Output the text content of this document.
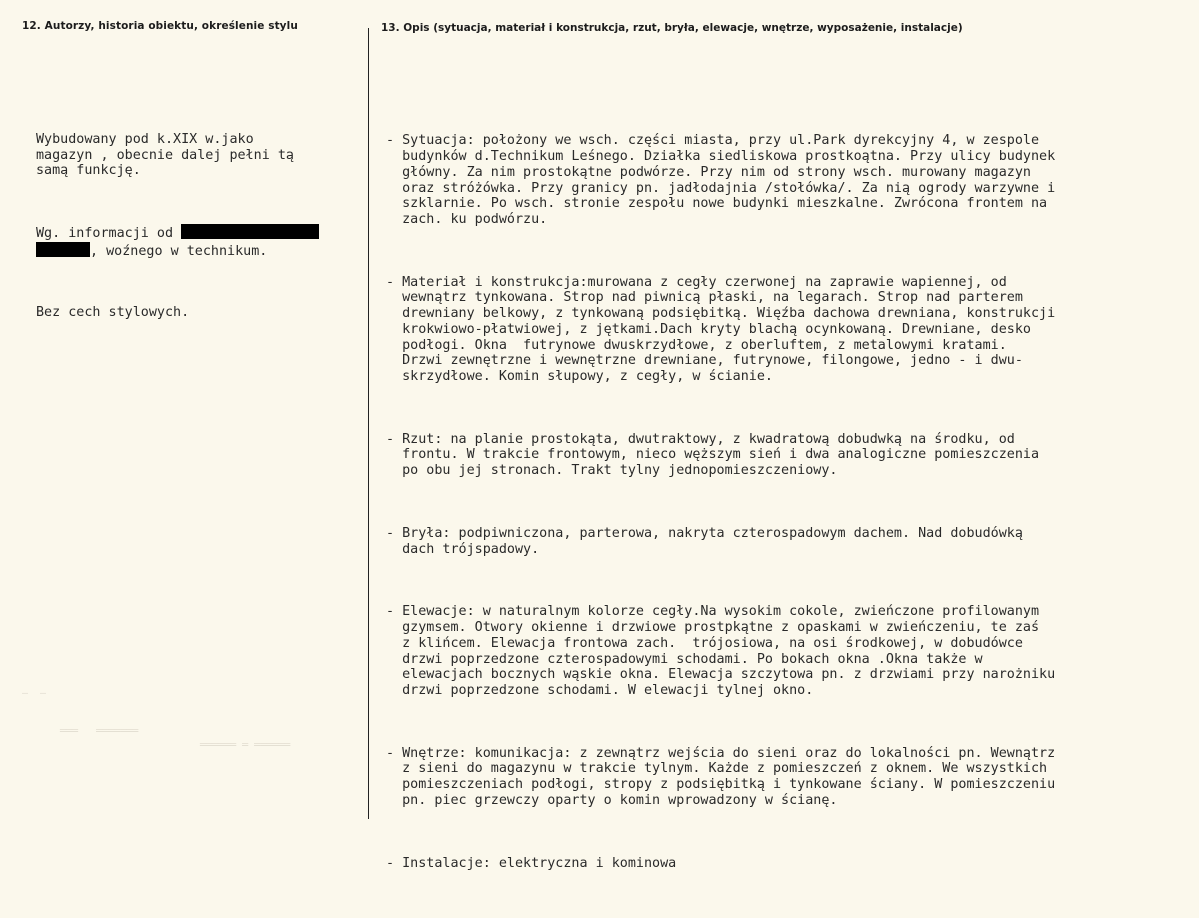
12. Autorzy, historia obiektu, określenie stylu	13. Opis (sytuacja, materiał i konstrukcja, rzut, bryła, elewacje, wnętrze, wyposażenie, instalacje)

Wybudowany pod k.XIX w.jako
magazyn , obecnie dalej pełni tą
samą funkcję.

Wg. informacji od
, woźnego w technikum.

Bez cech stylowych.

- Sytuacja: położony we wsch. części miasta, przy ul.Park dyrekcyjny 4, w zespole
budynków d.Technikum Leśnego. Działka siedliskowa prostkoątna. Przy ulicy budynek
główny. Za nim prostokątne podwórze. Przy nim od strony wsch. murowany magazyn
oraz stróżówka. Przy granicy pn. jadłodajnia /stołówka/. Za nią ogrody warzywne i
szklarnie. Po wsch. stronie zespołu nowe budynki mieszkalne. Zwrócona frontem na
zach. ku podwórzu.

- Materiał i konstrukcja:murowana z cegły czerwonej na zaprawie wapiennej, od
wewnątrz tynkowana. Strop nad piwnicą płaski, na legarach. Strop nad parterem
drewniany belkowy, z tynkowaną podsiębitką. Więźba dachowa drewniana, konstrukcji
krokwiowo-płatwiowej, z jętkami.Dach kryty blachą ocynkowaną. Drewniane, desko
podłogi. Okna  futrynowe dwuskrzydłowe, z oberluftem, z metalowymi kratami.
Drzwi zewnętrzne i wewnętrzne drewniane, futrynowe, filongowe, jedno - i dwu-
skrzydłowe. Komin słupowy, z cegły, w ścianie.

- Rzut: na planie prostokąta, dwutraktowy, z kwadratową dobudwką na środku, od
frontu. W trakcie frontowym, nieco węższym sień i dwa analogiczne pomieszczenia
po obu jej stronach. Trakt tylny jednopomieszczeniowy.

- Bryła: podpiwniczona, parterowa, nakryta czterospadowym dachem. Nad dobudówką
dach trójspadowy.

- Elewacje: w naturalnym kolorze cegły.Na wysokim cokole, zwieńczone profilowanym
gzymsem. Otwory okienne i drzwiowe prostpkątne z opaskami w zwieńczeniu, te zaś
z klińcem. Elewacja frontowa zach.  trójosiowa, na osi środkowej, w dobudówce
drzwi poprzedzone czterospadowymi schodami. Po bokach okna .Okna także w
elewacjach bocznych wąskie okna. Elewacja szczytowa pn. z drzwiami przy narożniku
drzwi poprzedzone schodami. W elewacji tylnej okno.

- Wnętrze: komunikacja: z zewnątrz wejścia do sieni oraz do lokalności pn. Wewnątrz
z sieni do magazynu w trakcie tylnym. Każde z pomieszczeń z oknem. We wszystkich
pomieszczeniach podłogi, stropy z podsiębitką i tynkowane ściany. W pomieszczeniu
pn. piec grzewczy oparty o komin wprowadzony w ścianę.

- Instalacje: elektryczna i kominowa

—  —
═══   ═══════
══════ ═ ══════
